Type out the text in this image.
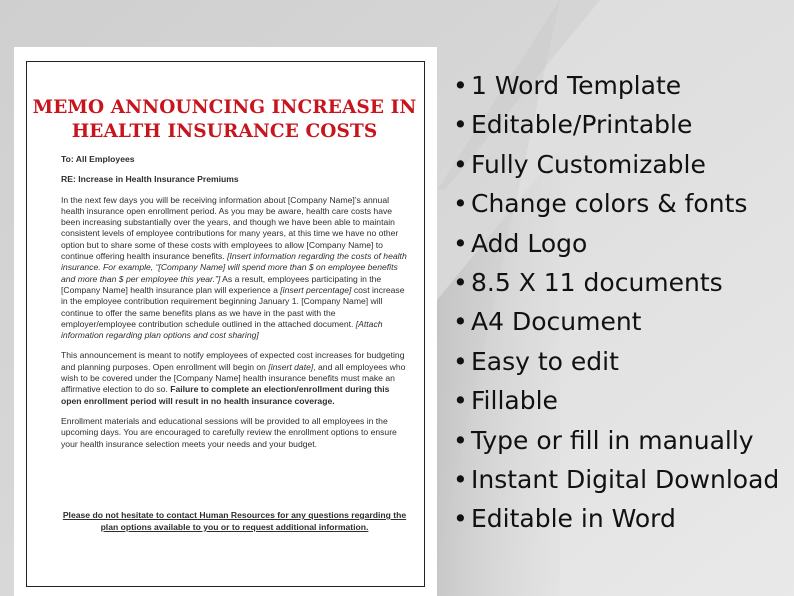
MEMO ANNOUNCING INCREASE IN
HEALTH INSURANCE COSTS

To: All Employees

RE: Increase in Health Insurance Premiums

In the next few days you will be receiving information about [Company Name]’s annual health insurance open enrollment period. As you may be aware, health care costs have been increasing substantially over the years, and though we have been able to maintain consistent levels of employee contributions for many years, at this time we have no other option but to share some of these costs with employees to allow [Company Name] to continue offering health insurance benefits. [Insert information regarding the costs of health insurance. For example, “[Company Name] will spend more than $ on employee benefits and more than $ per employee this year.”] As a result, employees participating in the [Company Name] health insurance plan will experience a [insert percentage] cost increase in the employee contribution requirement beginning January 1. [Company Name] will continue to offer the same benefits plans as we have in the past with the employer/employee contribution schedule outlined in the attached document. [Attach information regarding plan options and cost sharing]

This announcement is meant to notify employees of expected cost increases for budgeting and planning purposes. Open enrollment will begin on [insert date], and all employees who wish to be covered under the [Company Name] health insurance benefits must make an affirmative election to do so. Failure to complete an election/enrollment during this open enrollment period will result in no health insurance coverage.

Enrollment materials and educational sessions will be provided to all employees in the upcoming days. You are encouraged to carefully review the enrollment options to ensure your health insurance selection meets your needs and your budget.

Please do not hesitate to contact Human Resources for any questions regarding the plan options available to you or to request additional information.
• 1 Word Template
• Editable/Printable
• Fully Customizable
• Change colors & fonts
• Add Logo
• 8.5 X 11 documents
• A4 Document
• Easy to edit
• Fillable
• Type or fill in manually
• Instant Digital Download
• Editable in Word
